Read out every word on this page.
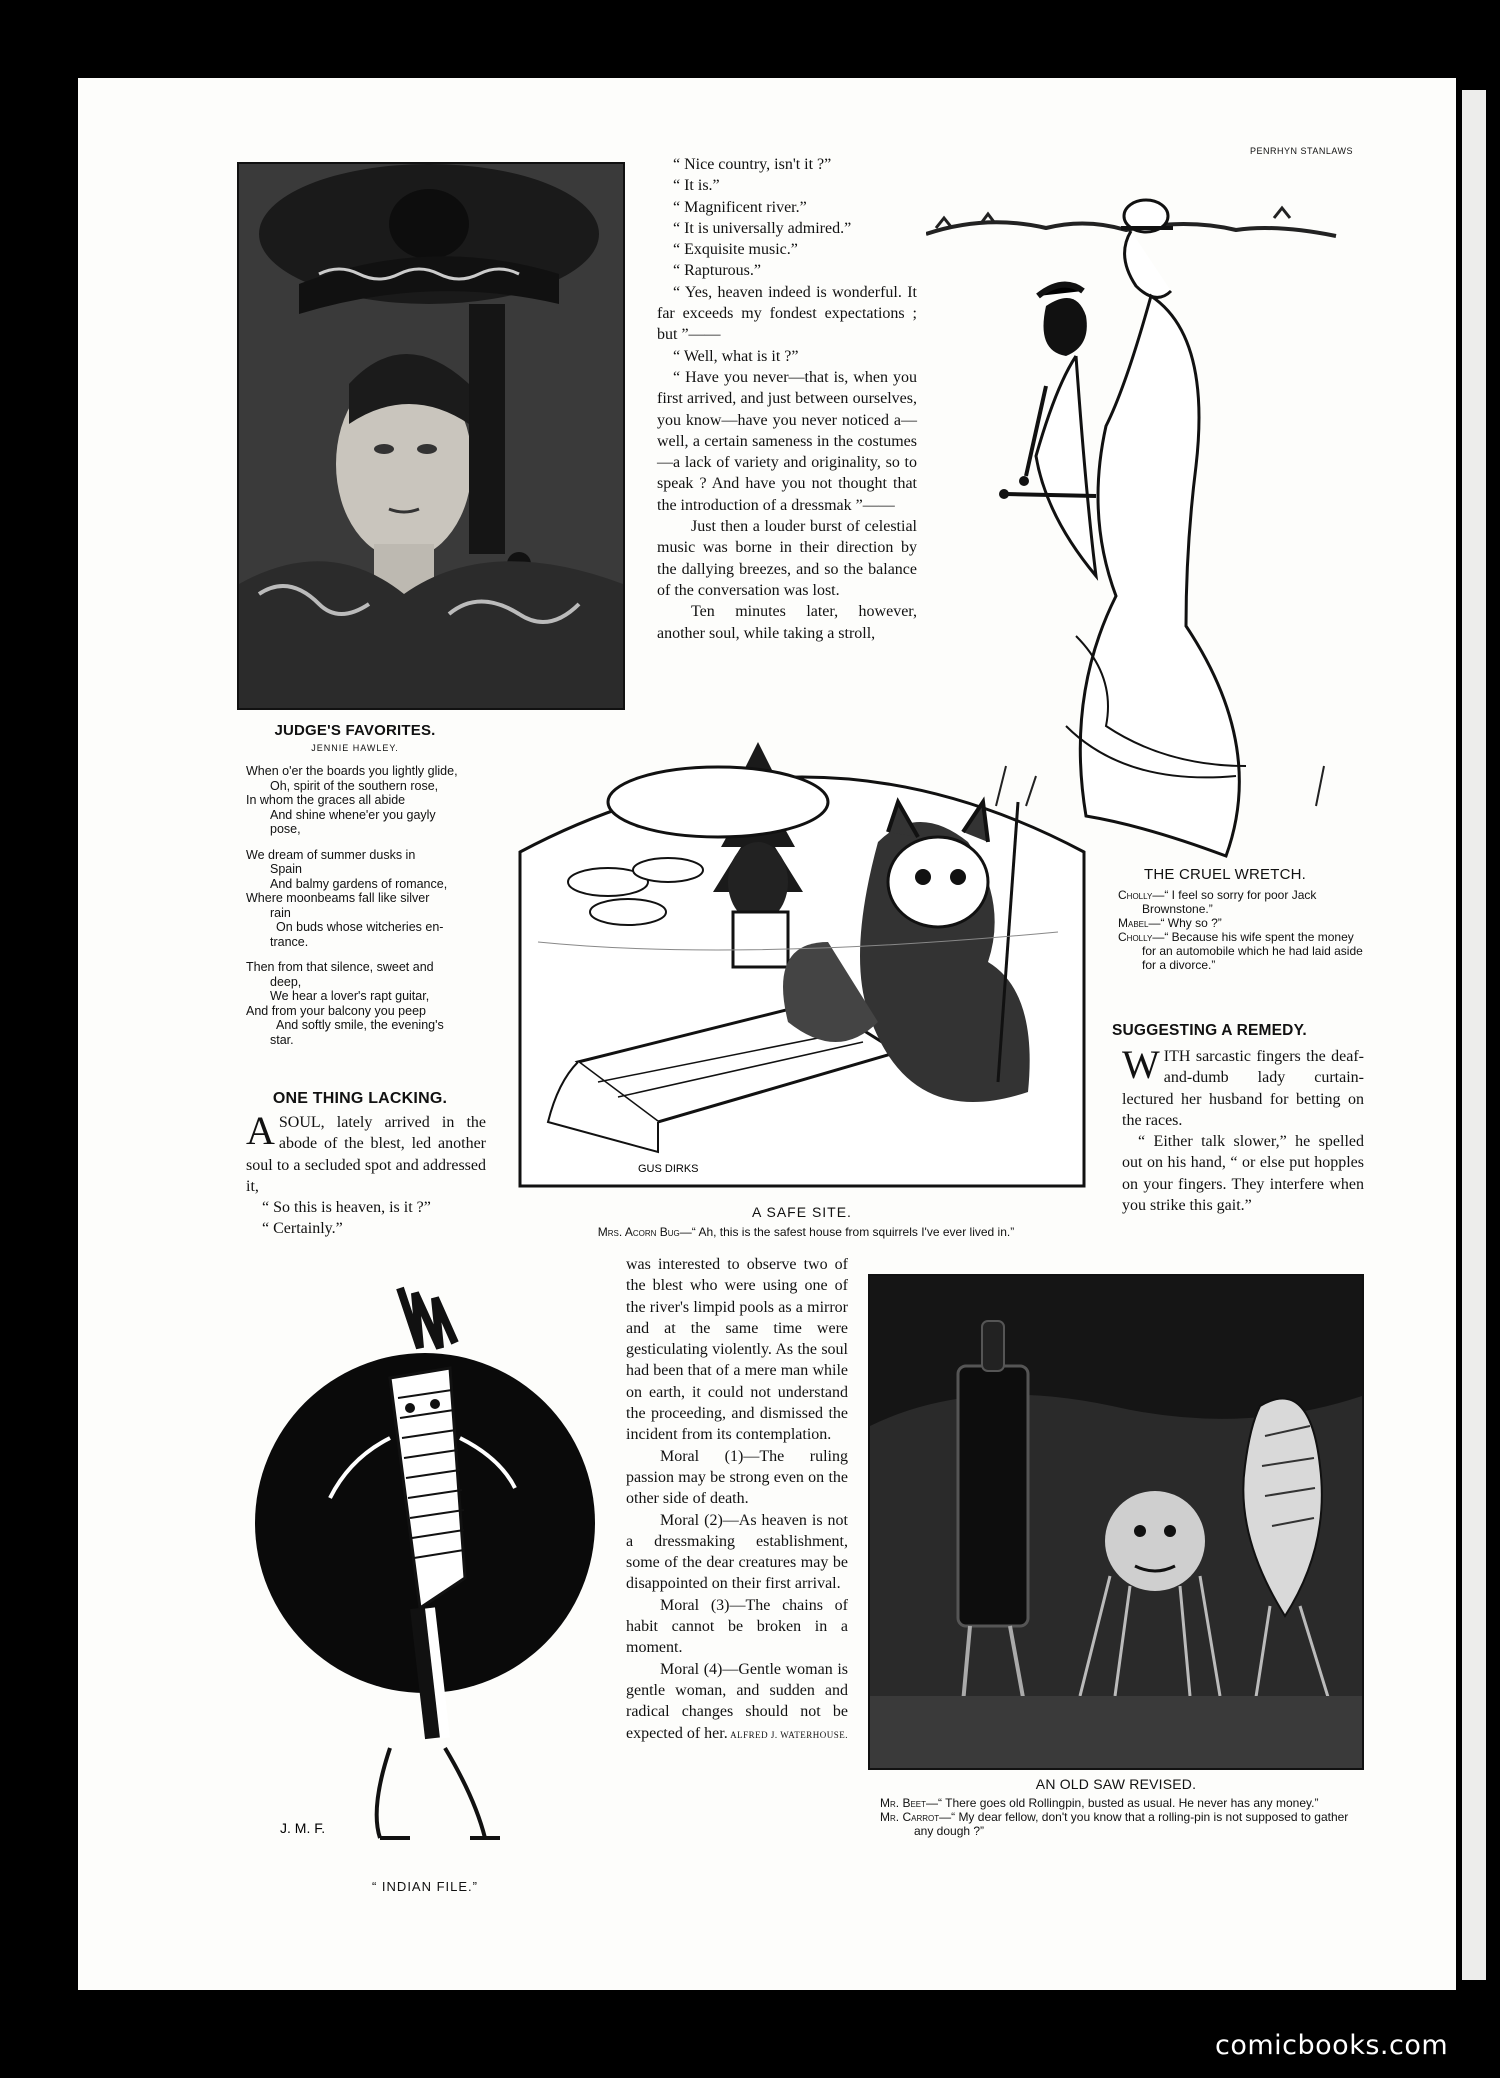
“ Nice country, isn't it ?”

“ It is.”

“ Magnificent river.”

“ It is universally admired.”

“ Exquisite music.”

“ Rapturous.”

“ Yes, heaven indeed is wonderful. It far exceeds my fondest expectations ; but ”——

“ Well, what is it ?”

“ Have you never—that is, when you first arrived, and just between ourselves, you know—have you never noticed a—well, a certain sameness in the costumes—a lack of variety and originality, so to speak ? And have you not thought that the introduction of a dressmak ”——

Just then a louder burst of celestial music was borne in their direction by the dallying breezes, and so the balance of the conversation was lost.

Ten minutes later, however, another soul, while taking a stroll,

PENRHYN STANLAWS
JUDGE'S FAVORITES.
JENNIE HAWLEY.
When o'er the boards you lightly glide,
Oh, spirit of the southern rose,
In whom the graces all abide
And shine whene'er you gayly
pose,
We dream of summer dusks in
Spain
And balmy gardens of romance,
Where moonbeams fall like silver
rain
On buds whose witcheries en-
trance.
Then from that silence, sweet and
deep,
We hear a lover's rapt guitar,
And from your balcony you peep
And softly smile, the evening's
star.
ONE THING LACKING.

ASOUL, lately arrived in the abode of the blest, led another soul to a secluded spot and addressed it,

“ So this is heaven, is it ?”

“ Certainly.”

GUS DIRKS
A SAFE SITE.
Mrs. Acorn Bug—“ Ah, this is the safest house from squirrels I've ever lived in.”
THE CRUEL WRETCH.
Cholly—“ I feel so sorry for poor Jack Brownstone.”
Mabel—“ Why so ?”
Cholly—“ Because his wife spent the money for an automobile which he had laid aside for a divorce.”
SUGGESTING A REMEDY.

WITH sarcastic fingers the deaf-and-dumb lady curtain-lectured her husband for betting on the races.

“ Either talk slower,” he spelled out on his hand, “ or else put hopples on your fingers. They interfere when you strike this gait.”

J. M. F.
“ INDIAN FILE.”

was interested to observe two of the blest who were using one of the river's limpid pools as a mirror and at the same time were gesticulating violently. As the soul had been that of a mere man while on earth, it could not understand the proceeding, and dismissed the incident from its contemplation.

Moral (1)—The ruling passion may be strong even on the other side of death.

Moral (2)—As heaven is not a dressmaking establishment, some of the dear creatures may be disappointed on their first arrival.

Moral (3)—The chains of habit cannot be broken in a moment.

Moral (4)—Gentle woman is gentle woman, and sudden and radical changes should not be expected of her. ALFRED J. WATERHOUSE.

AN OLD SAW REVISED.
Mr. Beet—“ There goes old Rollingpin, busted as usual. He never has any money.”
Mr. Carrot—“ My dear fellow, don't you know that a rolling-pin is not supposed to gather any dough ?”
comicbooks.com
